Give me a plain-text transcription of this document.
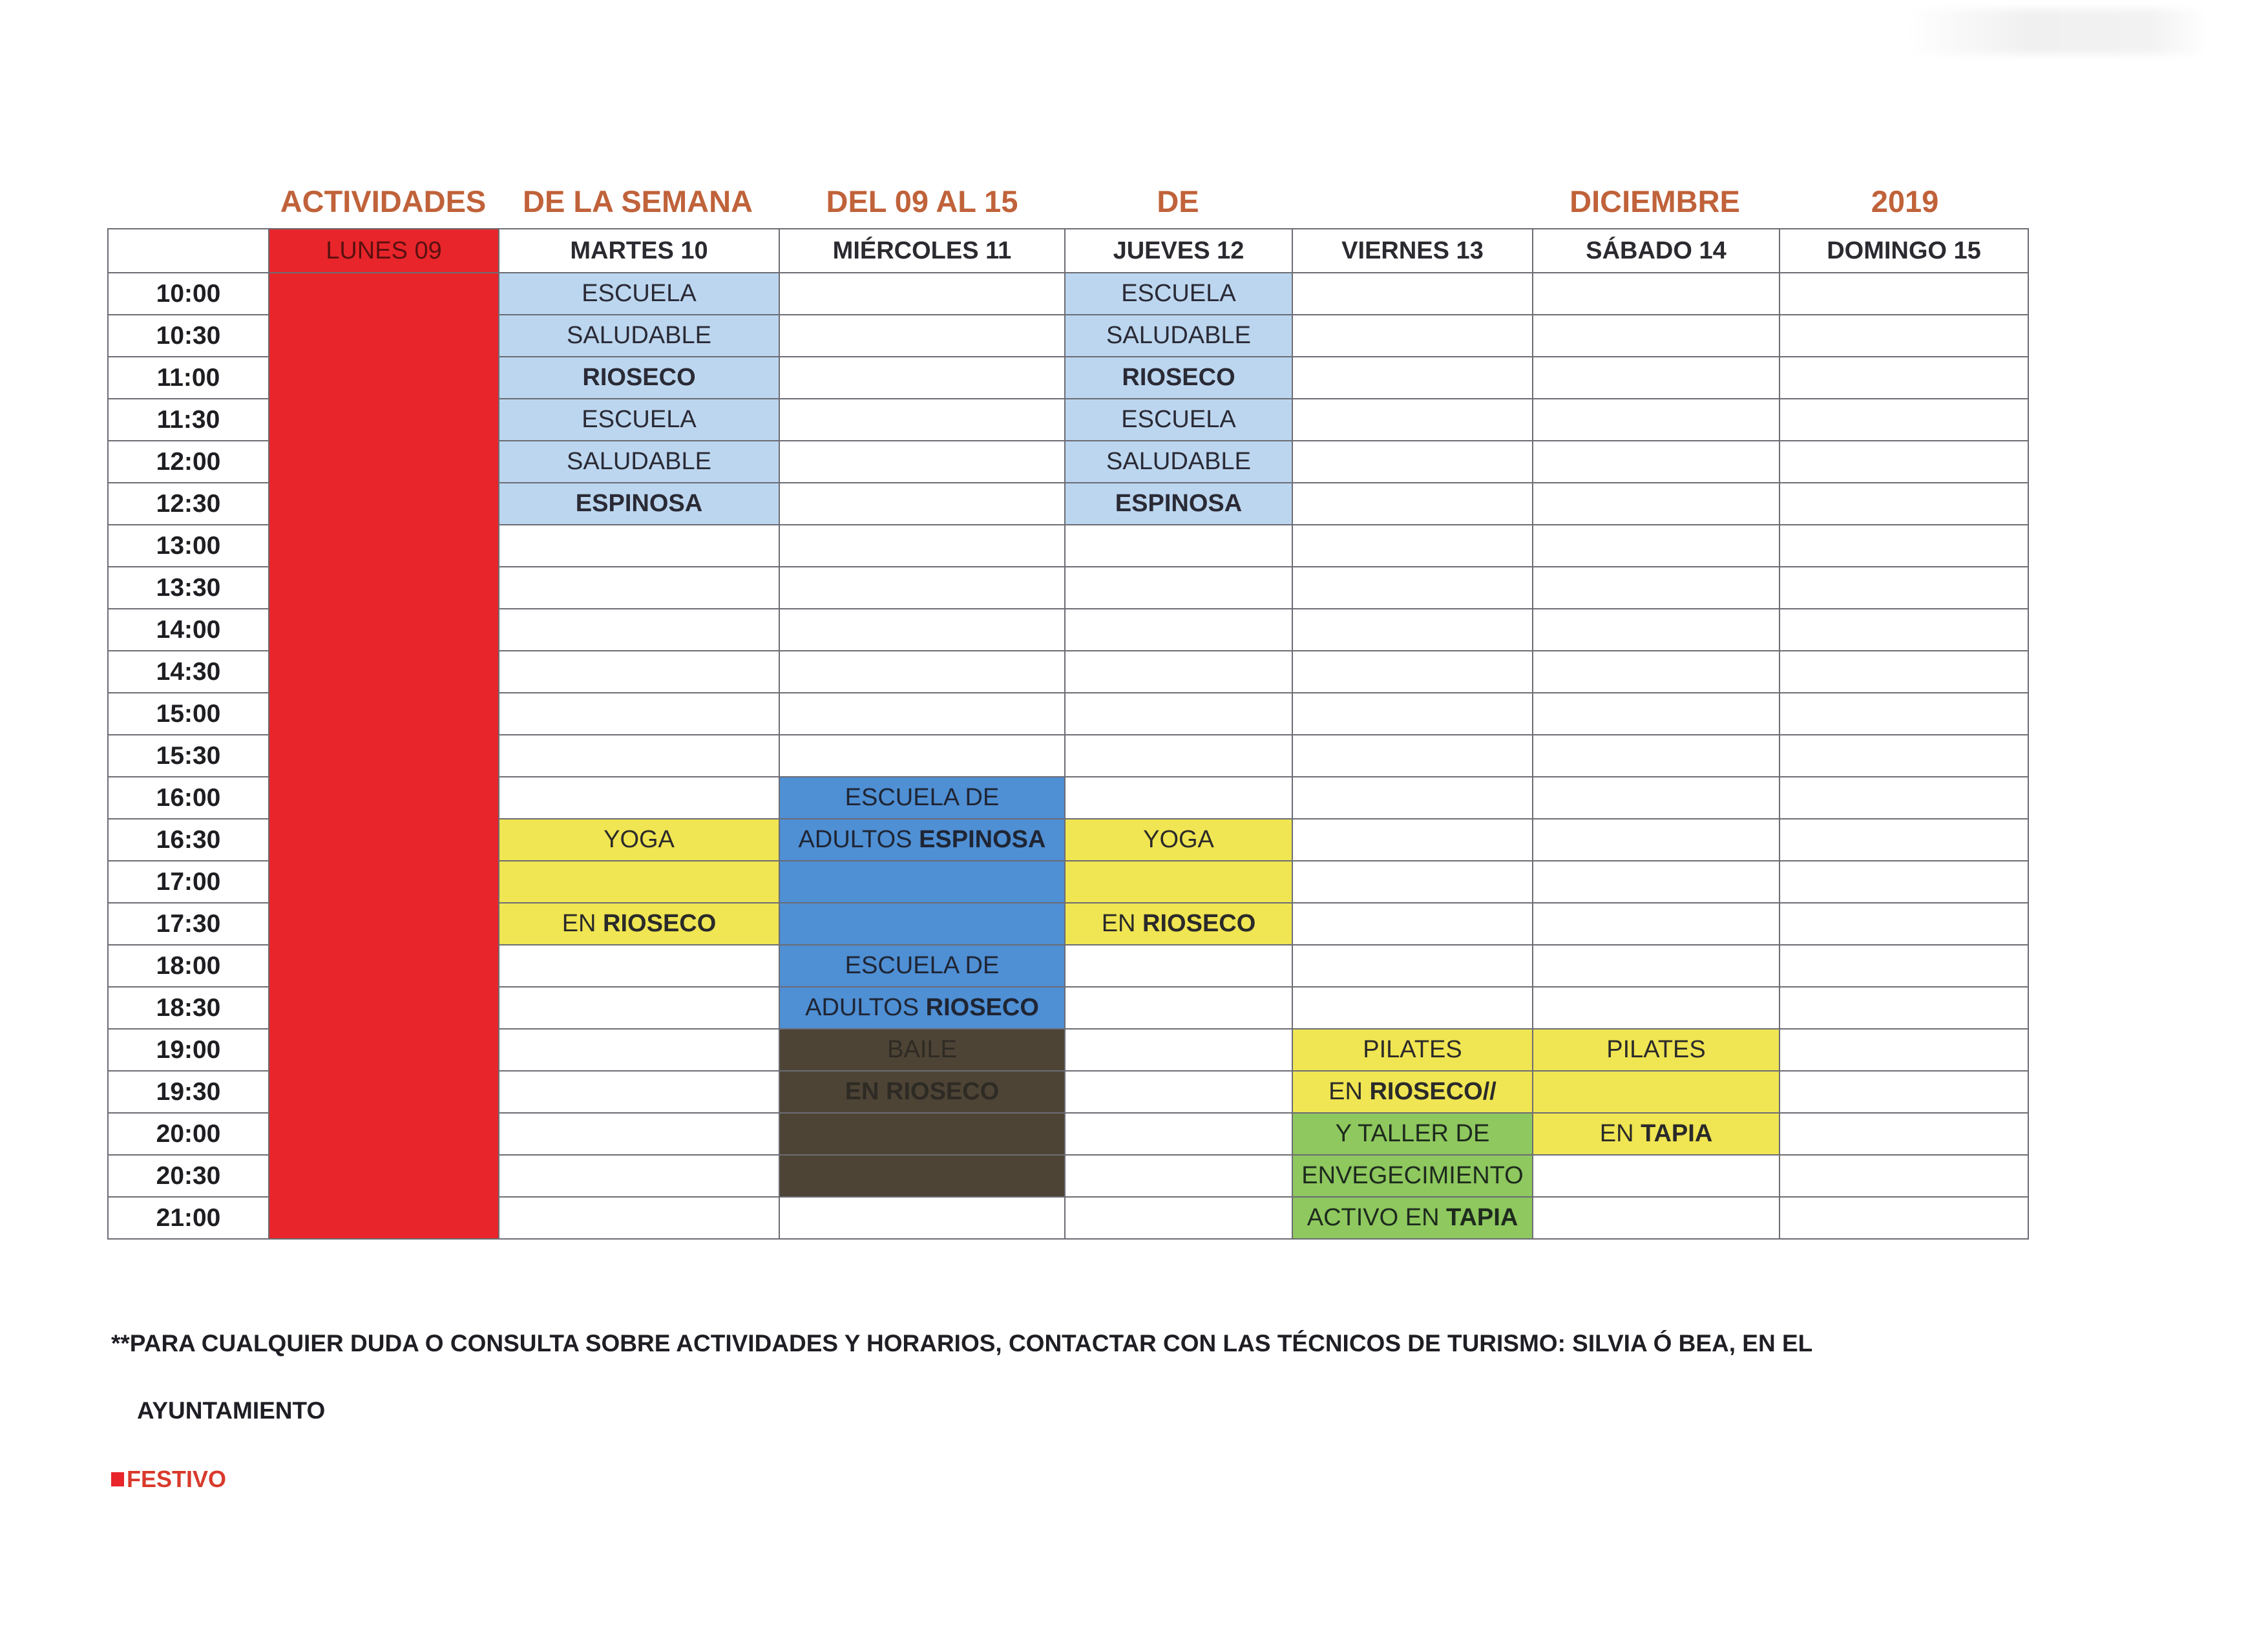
ACTIVIDADES DE LA SEMANA	DEL 09 AL 15	DE	DICIEMBRE	2019
	LUNES 09	MARTES 10	MIÉRCOLES 11	JUEVES 12	VIERNES 13	SÁBADO 14	DOMINGO 15
10:00		ESCUELA		ESCUELA			
10:30		SALUDABLE		SALUDABLE			
11:00		RIOSECO		RIOSECO			
11:30		ESCUELA		ESCUELA			
12:00		SALUDABLE		SALUDABLE			
12:30		ESPINOSA		ESPINOSA			
13:00							
13:30							
14:00							
14:30							
15:00							
15:30							
16:00			ESCUELA DE				
16:30		YOGA	ADULTOS ESPINOSA	YOGA			
17:00							
17:30		EN RIOSECO		EN RIOSECO			
18:00			ESCUELA DE				
18:30			ADULTOS RIOSECO				
19:00			BAILE		PILATES	PILATES	
19:30			EN RIOSECO		EN RIOSECO//		
20:00					Y TALLER DE	EN TAPIA	
20:30					ENVEGECIMIENTO		
21:00					ACTIVO EN TAPIA		
**PARA CUALQUIER DUDA O CONSULTA SOBRE ACTIVIDADES Y HORARIOS, CONTACTAR CON LAS TÉCNICOS DE TURISMO: SILVIA Ó BEA, EN EL
AYUNTAMIENTO
FESTIVO
